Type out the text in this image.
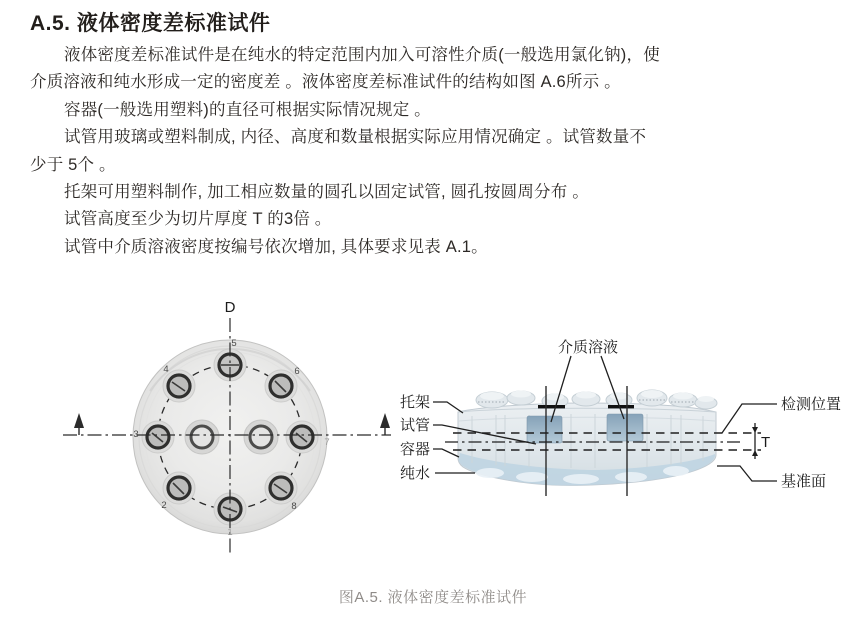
A.5. 液体密度差标准试件
液体密度差标准试件是在纯水的特定范围内加入可溶性介质(一般选用氯化钠)，使
介质溶液和纯水形成一定的密度差 。液体密度差标准试件的结构如图 A.6所示 。
容器(一般选用塑料)的直径可根据实际情况规定 。
试管用玻璃或塑料制成, 内径、高度和数量根据实际应用情况确定 。试管数量不
少于 5个 。
托架可用塑料制作, 加工相应数量的圆孔以固定试管, 圆孔按圆周分布 。
试管高度至少为切片厚度 T 的3倍 。
试管中介质溶液密度按编号依次增加, 具体要求见表 A.1。
D
1
2
3
4
5
6
7
8
介质溶液
托架
试管
容器
纯水
检测位置
T
基准面
图A.5. 液体密度差标准试件
